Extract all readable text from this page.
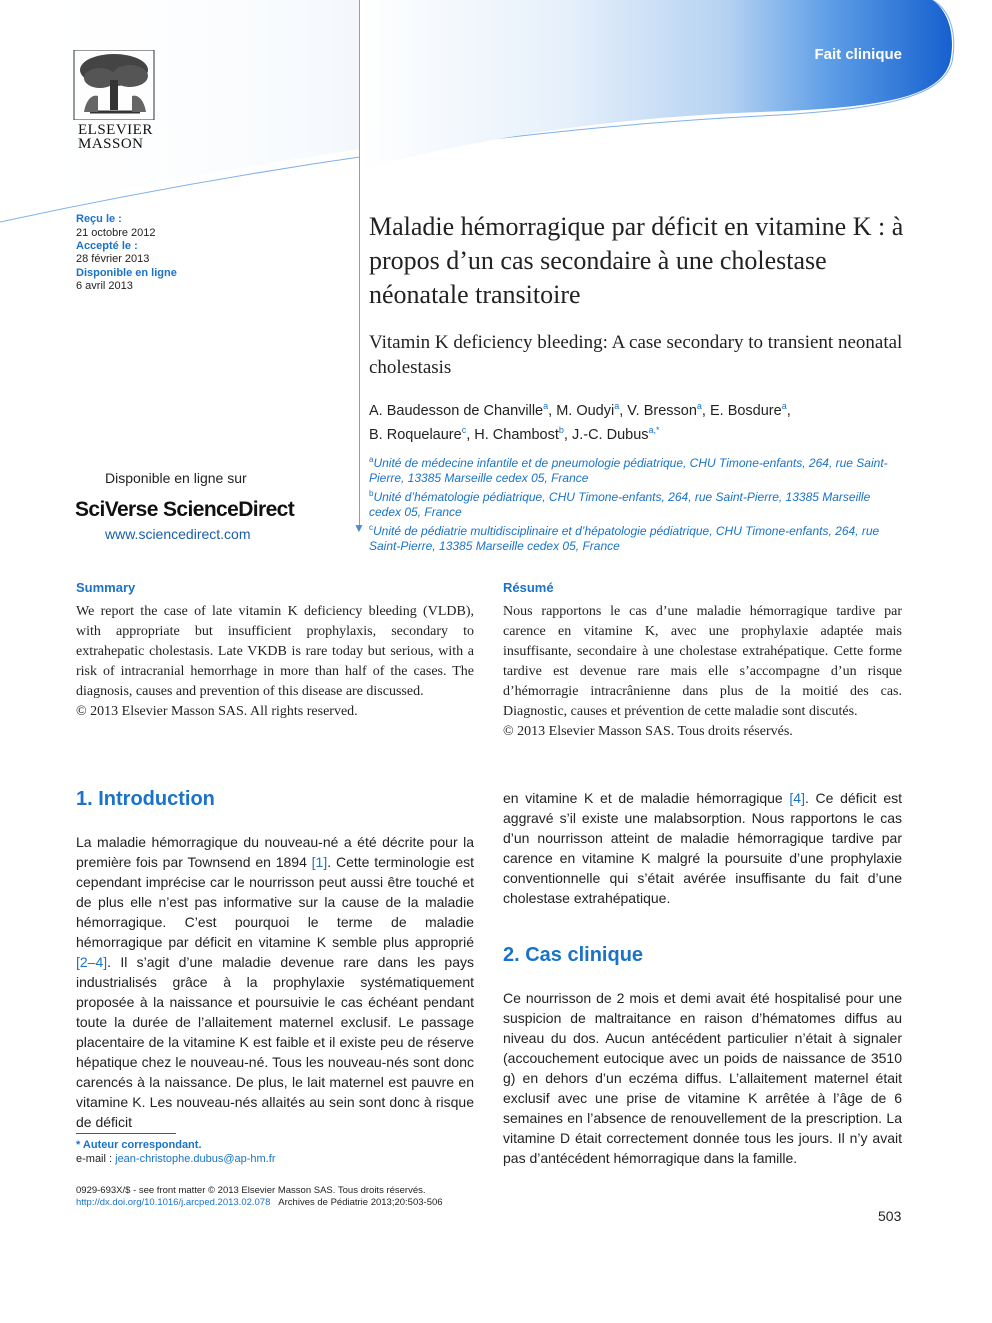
▼
Fait clinique
ELSEVIER
MASSON
Reçu le :
21 octobre 2012
Accepté le :
28 février 2013
Disponible en ligne
6 avril 2013
Disponible en ligne sur
SciVerse ScienceDirect
www.sciencedirect.com
Maladie hémorragique par déficit en vitamine K : à propos d’un cas secondaire à une cholestase néonatale transitoire
Vitamin K deficiency bleeding: A case secondary to transient neonatal cholestasis
A. Baudesson de Chanville$^a$, M. Oudyi$^a$, V. Bresson$^a$, E. Bosdure$^a$,
B. Roquelaure$^c$, H. Chambost$^b$, J.-C. Dubus$^{a,*}$
$^a$Unité de médecine infantile et de pneumologie pédiatrique, CHU Timone-enfants, 264, rue Saint-Pierre, 13385 Marseille cedex 05, France
$^b$Unité d’hématologie pédiatrique, CHU Timone-enfants, 264, rue Saint-Pierre, 13385 Marseille cedex 05, France
$^c$Unité de pédiatrie multidisciplinaire et d’hépatologie pédiatrique, CHU Timone-enfants, 264, rue Saint-Pierre, 13385 Marseille cedex 05, France
Summary
We report the case of late vitamin K deficiency bleeding (VLDB), with appropriate but insufficient prophylaxis, secondary to extrahepatic cholestasis. Late VKDB is rare today but serious, with a risk of intracranial hemorrhage in more than half of the cases. The diagnosis, causes and prevention of this disease are discussed.
© 2013 Elsevier Masson SAS. All rights reserved.
Résumé
Nous rapportons le cas d’une maladie hémorragique tardive par carence en vitamine K, avec une prophylaxie adaptée mais insuffisante, secondaire à une cholestase extrahépatique. Cette forme tardive est devenue rare mais elle s’accompagne d’un risque d’hémorragie intracrânienne dans plus de la moitié des cas. Diagnostic, causes et prévention de cette maladie sont discutés.
© 2013 Elsevier Masson SAS. Tous droits réservés.
1. Introduction
La maladie hémorragique du nouveau-né a été décrite pour la première fois par Townsend en 1894 [1]. Cette terminologie est cependant imprécise car le nourrisson peut aussi être touché et de plus elle n’est pas informative sur la cause de la maladie hémorragique. C’est pourquoi le terme de maladie hémorragique par déficit en vitamine K semble plus approprié [2–4]. Il s’agit d’une maladie devenue rare dans les pays industrialisés grâce à la prophylaxie systématiquement proposée à la naissance et poursuivie le cas échéant pendant toute la durée de l’allaitement maternel exclusif. Le passage placentaire de la vitamine K est faible et il existe peu de réserve hépatique chez le nouveau-né. Tous les nouveau-nés sont donc carencés à la naissance. De plus, le lait maternel est pauvre en vitamine K. Les nouveau-nés allaités au sein sont donc à risque de déficit
en vitamine K et de maladie hémorragique [4]. Ce déficit est aggravé s’il existe une malabsorption. Nous rapportons le cas d’un nourrisson atteint de maladie hémorragique tardive par carence en vitamine K malgré la poursuite d’une prophylaxie conventionnelle qui s’était avérée insuffisante du fait d’une cholestase extrahépatique.
2. Cas clinique
Ce nourrisson de 2 mois et demi avait été hospitalisé pour une suspicion de maltraitance en raison d’hématomes diffus au niveau du dos. Aucun antécédent particulier n’était à signaler (accouchement eutocique avec un poids de naissance de 3510 g) en dehors d’un eczéma diffus. L’allaitement maternel était exclusif avec une prise de vitamine K arrêtée à l’âge de 6 semaines en l’absence de renouvellement de la prescription. La vitamine D était correctement donnée tous les jours. Il n’y avait pas d’antécédent hémorragique dans la famille.
* Auteur correspondant.
e-mail : jean-christophe.dubus@ap-hm.fr
0929-693X/$ - see front matter © 2013 Elsevier Masson SAS. Tous droits réservés.
http://dx.doi.org/10.1016/j.arcped.2013.02.078 Archives de Pédiatrie 2013;20:503-506
503
